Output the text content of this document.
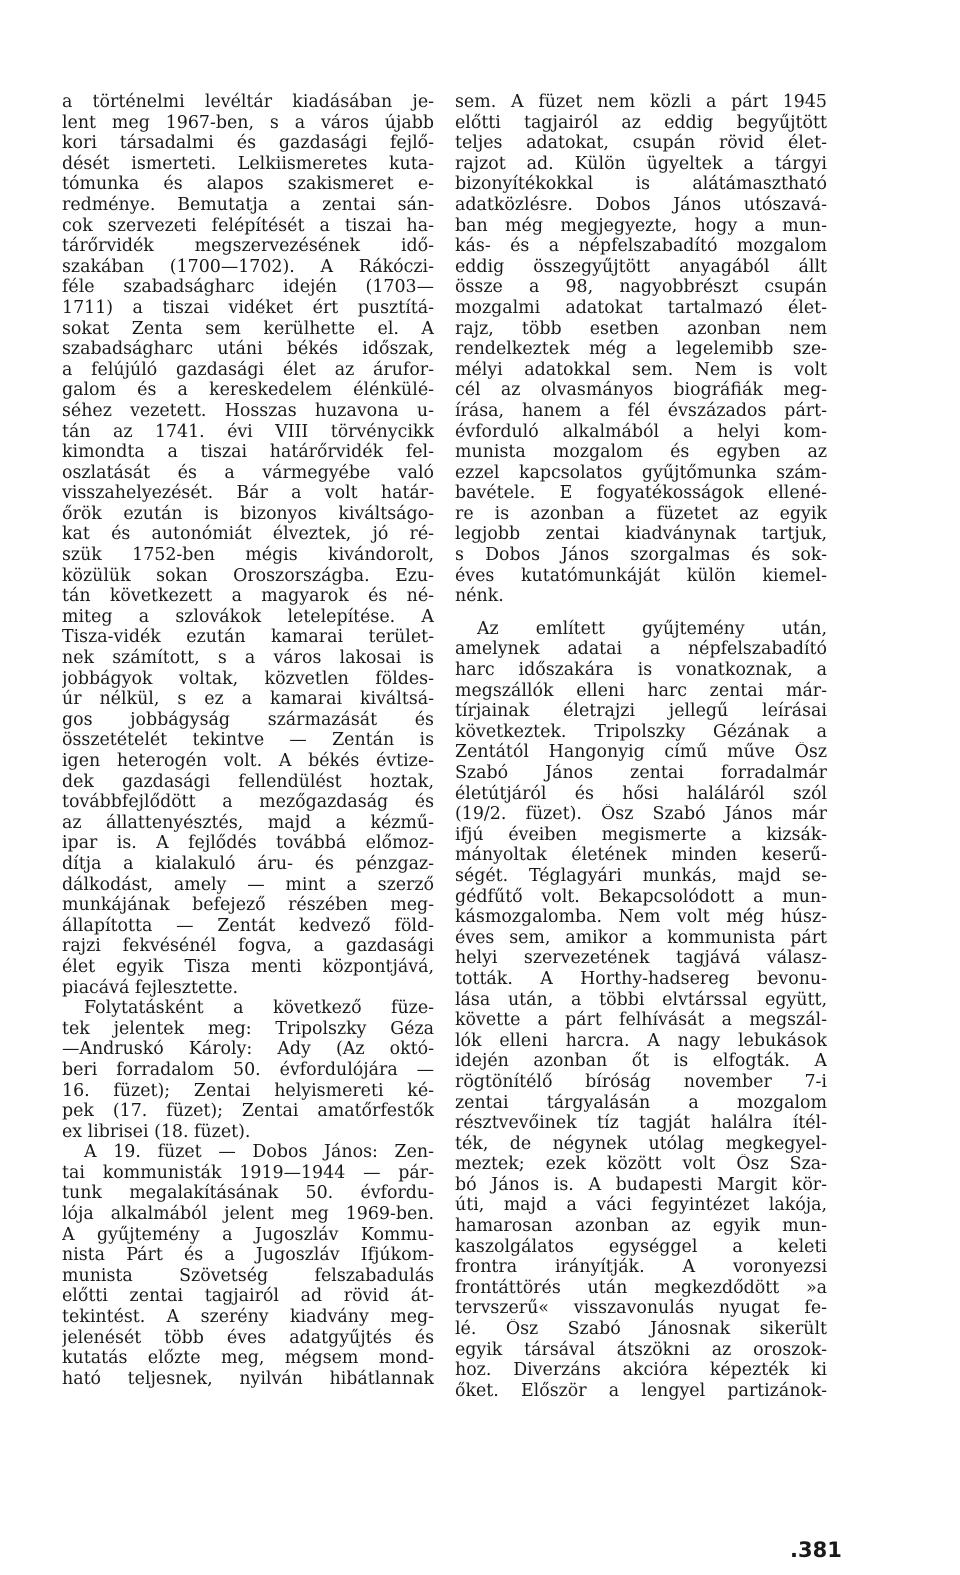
a történelmi levéltár kiadásában je-
lent meg 1967-ben, s a város újabb
kori társadalmi és gazdasági fejlő-
dését ismerteti. Lelkiismeretes kuta-
tómunka és alapos szakismeret e-
redménye. Bemutatja a zentai sán-
cok szervezeti felépítését a tiszai ha-
tárőrvidék megszervezésének idő-
szakában (1700—1702). A Rákóczi-
féle szabadságharc idején (1703—
1711) a tiszai vidéket ért pusztítá-
sokat Zenta sem kerülhette el. A
szabadságharc utáni békés időszak,
a felújúló gazdasági élet az árufor-
galom és a kereskedelem élénkülé-
séhez vezetett. Hosszas huzavona u-
tán az 1741. évi VIII törvénycikk
kimondta a tiszai határőrvidék fel-
oszlatását és a vármegyébe való
visszahelyezését. Bár a volt határ-
őrök ezután is bizonyos kiváltságo-
kat és autonómiát élveztek, jó ré-
szük 1752-ben mégis kivándorolt,
közülük sokan Oroszországba. Ezu-
tán következett a magyarok és né-
miteg a szlovákok letelepítése. A
Tisza-vidék ezután kamarai terület-
nek számított, s a város lakosai is
jobbágyok voltak, közvetlen földes-
úr nélkül, s ez a kamarai kiváltsá-
gos jobbágyság származását és
összetételét tekintve — Zentán is
igen heterogén volt. A békés évtize-
dek gazdasági fellendülést hoztak,
továbbfejlődött a mezőgazdaság és
az állattenyésztés, majd a kézmű-
ipar is. A fejlődés továbbá előmoz-
dítja a kialakuló áru- és pénzgaz-
dálkodást, amely — mint a szerző
munkájának befejező részében meg-
állapította — Zentát kedvező föld-
rajzi fekvésénél fogva, a gazdasági
élet egyik Tisza menti központjává,
piacává fejlesztette.
Folytatásként a következő füze-
tek jelentek meg: Tripolszky Géza
—Andruskó Károly: Ady (Az októ-
beri forradalom 50. évfordulójára —
16. füzet); Zentai helyismereti ké-
pek (17. füzet); Zentai amatőrfestők
ex librisei (18. füzet).
A 19. füzet — Dobos János: Zen-
tai kommunisták 1919—1944 — pár-
tunk megalakításának 50. évfordu-
lója alkalmából jelent meg 1969-ben.
A gyűjtemény a Jugoszláv Kommu-
nista Párt és a Jugoszláv Ifjúkom-
munista Szövetség felszabadulás
előtti zentai tagjairól ad rövid át-
tekintést. A szerény kiadvány meg-
jelenését több éves adatgyűjtés és
kutatás előzte meg, mégsem mond-
ható teljesnek, nyilván hibátlannak
sem. A füzet nem közli a párt 1945
előtti tagjairól az eddig begyűjtött
teljes adatokat, csupán rövid élet-
rajzot ad. Külön ügyeltek a tárgyi
bizonyítékokkal is alátámasztható
adatközlésre. Dobos János utószavá-
ban még megjegyezte, hogy a mun-
kás- és a népfelszabadító mozgalom
eddig összegyűjtött anyagából állt
össze a 98, nagyobbrészt csupán
mozgalmi adatokat tartalmazó élet-
rajz, több esetben azonban nem
rendelkeztek még a legelemibb sze-
mélyi adatokkal sem. Nem is volt
cél az olvasmányos biográfiák meg-
írása, hanem a fél évszázados párt-
évforduló alkalmából a helyi kom-
munista mozgalom és egyben az
ezzel kapcsolatos gyűjtőmunka szám-
bavétele. E fogyatékosságok ellené-
re is azonban a füzetet az egyik
legjobb zentai kiadványnak tartjuk,
s Dobos János szorgalmas és sok-
éves kutatómunkáját külön kiemel-
nénk.
Az említett gyűjtemény után,
amelynek adatai a népfelszabadító
harc időszakára is vonatkoznak, a
megszállók elleni harc zentai már-
tírjainak életrajzi jellegű leírásai
következtek. Tripolszky Gézának a
Zentától Hangonyig című műve Ősz
Szabó János zentai forradalmár
életútjáról és hősi haláláról szól
(19/2. füzet). Ősz Szabó János már
ifjú éveiben megismerte a kizsák-
mányoltak életének minden keserű-
ségét. Téglagyári munkás, majd se-
gédfűtő volt. Bekapcsolódott a mun-
kásmozgalomba. Nem volt még húsz-
éves sem, amikor a kommunista párt
helyi szervezetének tagjává válasz-
tották. A Horthy-hadsereg bevonu-
lása után, a többi elvtárssal együtt,
követte a párt felhívását a megszál-
lók elleni harcra. A nagy lebukások
idején azonban őt is elfogták. A
rögtönítélő bíróság november 7-i
zentai tárgyalásán a mozgalom
résztvevőinek tíz tagját halálra ítél-
ték, de négynek utólag megkegyel-
meztek; ezek között volt Ősz Sza-
bó János is. A budapesti Margit kör-
úti, majd a váci fegyintézet lakója,
hamarosan azonban az egyik mun-
kaszolgálatos egységgel a keleti
frontra irányítják. A voronyezsi
frontáttörés után megkezdődött »a
tervszerű« visszavonulás nyugat fe-
lé. Ősz Szabó Jánosnak sikerült
egyik társával átszökni az oroszok-
hoz. Diverzáns akcióra képezték ki
őket. Először a lengyel partizánok-
.381
